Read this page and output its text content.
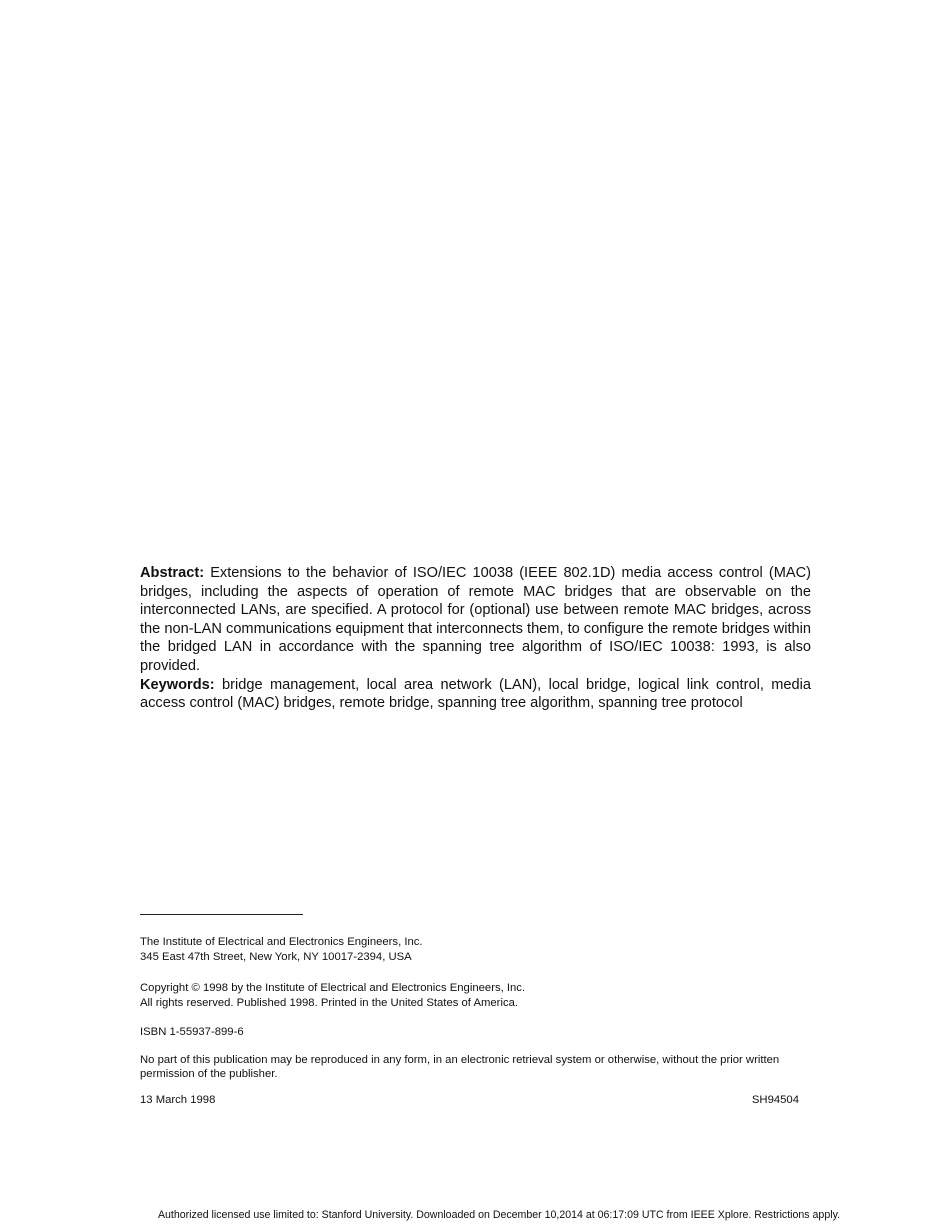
Abstract: Extensions to the behavior of ISO/IEC 10038 (IEEE 802.1D) media access control (MAC) bridges, including the aspects of operation of remote MAC bridges that are observable on the interconnected LANs, are specified. A protocol for (optional) use between remote MAC bridges, across the non-LAN communications equipment that interconnects them, to configure the remote bridges within the bridged LAN in accordance with the spanning tree algorithm of ISO/IEC 10038: 1993, is also provided.

Keywords: bridge management, local area network (LAN), local bridge, logical link control, media access control (MAC) bridges, remote bridge, spanning tree algorithm, spanning tree protocol

The Institute of Electrical and Electronics Engineers, Inc.

345 East 47th Street, New York, NY 10017-2394, USA

Copyright © 1998 by the Institute of Electrical and Electronics Engineers, Inc.

All rights reserved. Published 1998. Printed in the United States of America.

ISBN 1-55937-899-6

No part of this publication may be reproduced in any form, in an electronic retrieval system or otherwise, without the prior written permission of the publisher.

13 March 1998	SH94504
Authorized licensed use limited to: Stanford University. Downloaded on December 10,2014 at 06:17:09 UTC from IEEE Xplore. Restrictions apply.
